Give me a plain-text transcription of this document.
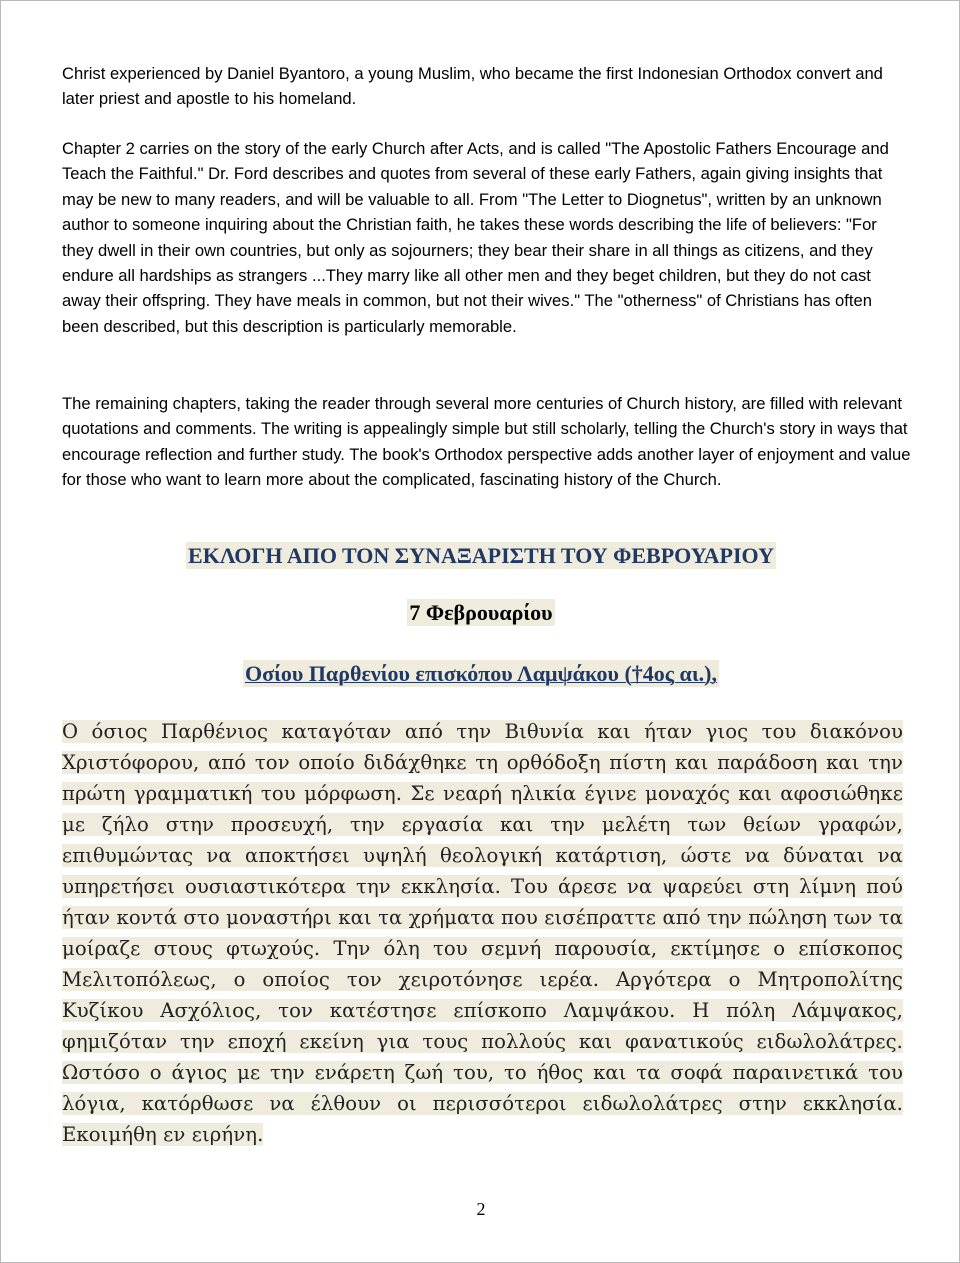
Christ experienced by Daniel Byantoro, a young Muslim, who became the first Indonesian Orthodox convert and later priest and apostle to his homeland.

Chapter 2 carries on the story of the early Church after Acts, and is called "The Apostolic Fathers Encourage and Teach the Faithful." Dr. Ford describes and quotes from several of these early Fathers, again giving insights that may be new to many readers, and will be valuable to all. From "The Letter to Diognetus", written by an unknown author to someone inquiring about the Christian faith, he takes these words describing the life of believers: "For they dwell in their own countries, but only as sojourners; they bear their share in all things as citizens, and they endure all hardships as strangers ...They marry like all other men and they beget children, but they do not cast away their offspring. They have meals in common, but not their wives." The "otherness" of Christians has often been described, but this description is particularly memorable.

The remaining chapters, taking the reader through several more centuries of Church history, are filled with relevant quotations and comments. The writing is appealingly simple but still scholarly, telling the Church's story in ways that encourage reflection and further study. The book's Orthodox perspective adds another layer of enjoyment and value for those who want to learn more about the complicated, fascinating history of the Church.

ΕΚΛΟΓΗ ΑΠΟ ΤΟΝ ΣΥΝΑΞΑΡΙΣΤΗ ΤΟΥ ΦΕΒΡΟΥΑΡΙΟΥ
7 Φεβρουαρίου
Οσίου Παρθενίου επισκόπου Λαμψάκου (†4ος αι.),

Ο όσιος Παρθένιος καταγόταν από την Βιθυνία και ήταν γιος του διακόνου Χριστόφορου, από τον οποίο διδάχθηκε τη ορθόδοξη πίστη και παράδοση και την πρώτη γραμματική του μόρφωση. Σε νεαρή ηλικία έγινε μοναχός και αφοσιώθηκε με ζήλο στην προσευχή, την εργασία και την μελέτη των θείων γραφών, επιθυμώντας να αποκτήσει υψηλή θεολογική κατάρτιση, ώστε να δύναται να υπηρετήσει ουσιαστικότερα την εκκλησία. Του άρεσε να ψαρεύει στη λίμνη πού ήταν κοντά στο μοναστήρι και τα χρήματα που εισέπραττε από την πώληση των τα μοίραζε στους φτωχούς. Την όλη του σεμνή παρουσία, εκτίμησε ο επίσκοπος Μελιτοπόλεως, ο οποίος τον χειροτόνησε ιερέα. Αργότερα ο Μητροπολίτης Κυζίκου Ασχόλιος, τον κατέστησε επίσκοπο Λαμψάκου. Η πόλη Λάμψακος, φημιζόταν την εποχή εκείνη για τους πολλούς και φανατικούς ειδωλολάτρες. Ωστόσο ο άγιος με την ενάρετη ζωή του, το ήθος και τα σοφά παραινετικά του λόγια, κατόρθωσε να έλθουν οι περισσότεροι ειδωλολάτρες στην εκκλησία. Εκοιμήθη εν ειρήνη.

2
